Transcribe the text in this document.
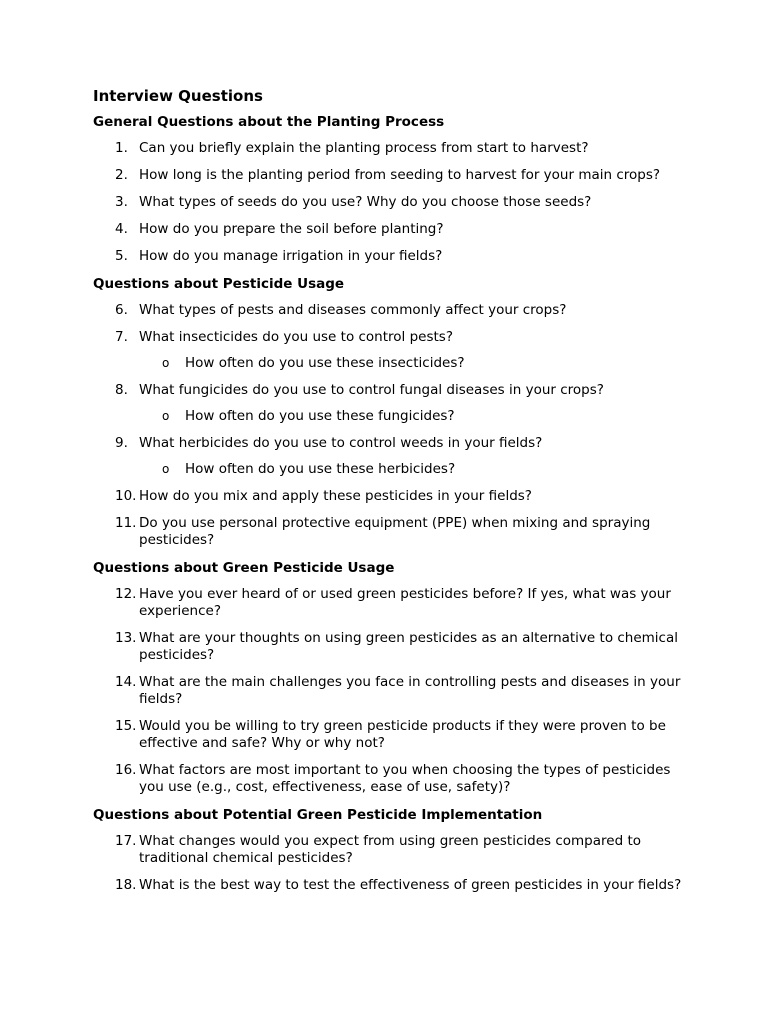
Interview Questions
General Questions about the Planting Process
1. Can you briefly explain the planting process from start to harvest?
2. How long is the planting period from seeding to harvest for your main crops?
3. What types of seeds do you use? Why do you choose those seeds?
4. How do you prepare the soil before planting?
5. How do you manage irrigation in your fields?
Questions about Pesticide Usage
6. What types of pests and diseases commonly affect your crops?
7. What insecticides do you use to control pests?
o How often do you use these insecticides?
8. What fungicides do you use to control fungal diseases in your crops?
o How often do you use these fungicides?
9. What herbicides do you use to control weeds in your fields?
o How often do you use these herbicides?
10. How do you mix and apply these pesticides in your fields?
11. Do you use personal protective equipment (PPE) when mixing and spraying pesticides?
Questions about Green Pesticide Usage
12. Have you ever heard of or used green pesticides before? If yes, what was your experience?
13. What are your thoughts on using green pesticides as an alternative to chemical pesticides?
14. What are the main challenges you face in controlling pests and diseases in your fields?
15. Would you be willing to try green pesticide products if they were proven to be effective and safe? Why or why not?
16. What factors are most important to you when choosing the types of pesticides you use (e.g., cost, effectiveness, ease of use, safety)?
Questions about Potential Green Pesticide Implementation
17. What changes would you expect from using green pesticides compared to traditional chemical pesticides?
18. What is the best way to test the effectiveness of green pesticides in your fields?
